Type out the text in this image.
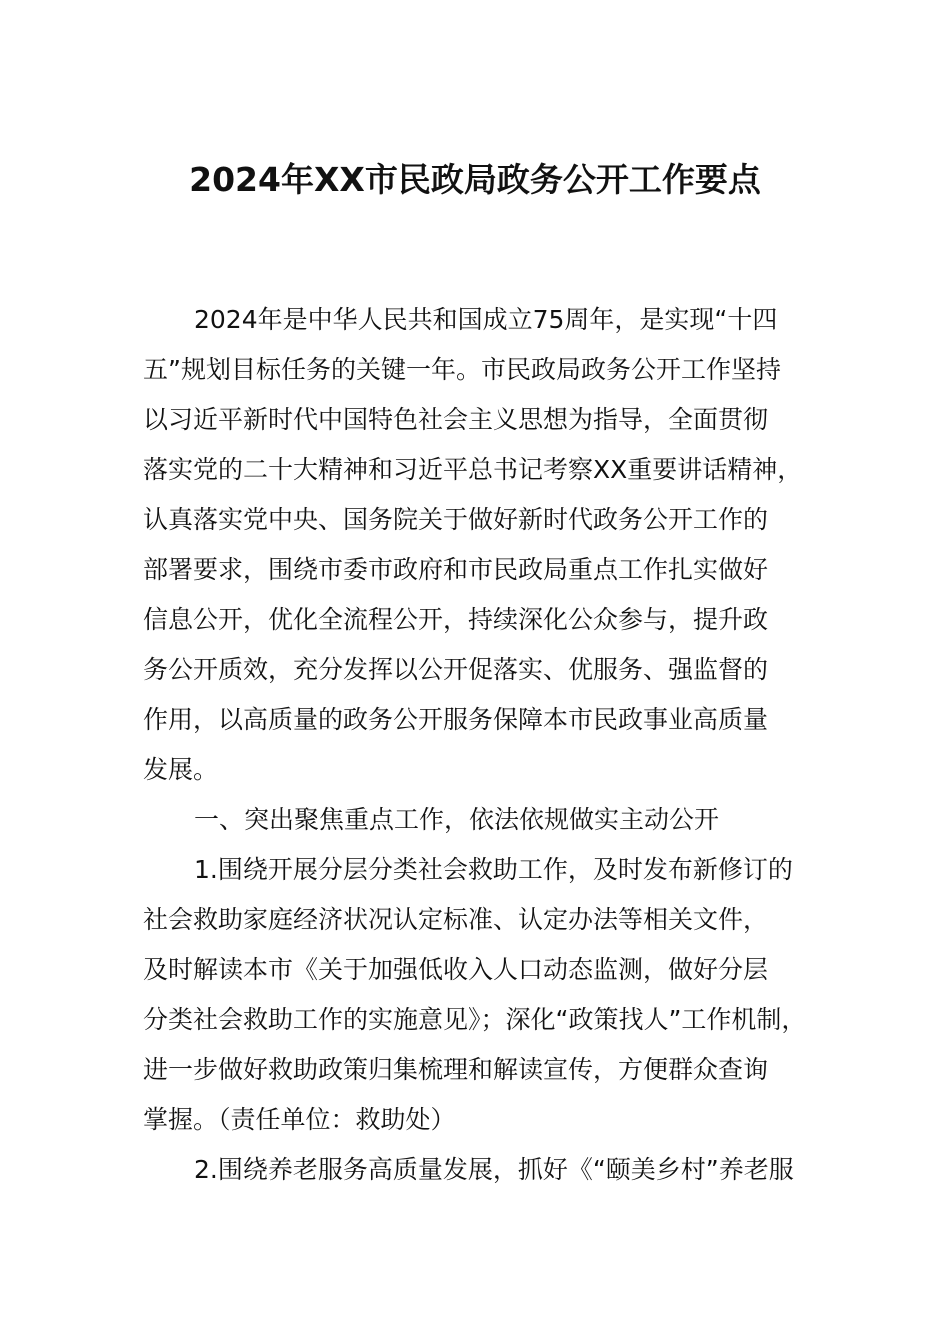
2024年XX市民政局政务公开工作要点
2024年是中华人民共和国成立75周年，是实现“十四
五”规划目标任务的关键一年。市民政局政务公开工作坚持
以习近平新时代中国特色社会主义思想为指导，全面贯彻
落实党的二十大精神和习近平总书记考察XX重要讲话精神，
认真落实党中央、国务院关于做好新时代政务公开工作的
部署要求，围绕市委市政府和市民政局重点工作扎实做好
信息公开，优化全流程公开，持续深化公众参与，提升政
务公开质效，充分发挥以公开促落实、优服务、强监督的
作用，以高质量的政务公开服务保障本市民政事业高质量
发展。
一、突出聚焦重点工作，依法依规做实主动公开
1.围绕开展分层分类社会救助工作，及时发布新修订的
社会救助家庭经济状况认定标准、认定办法等相关文件，
及时解读本市《关于加强低收入人口动态监测，做好分层
分类社会救助工作的实施意见》；深化“政策找人”工作机制，
进一步做好救助政策归集梳理和解读宣传，方便群众查询
掌握。（责任单位：救助处）
2.围绕养老服务高质量发展，抓好《“颐美乡村”养老服
